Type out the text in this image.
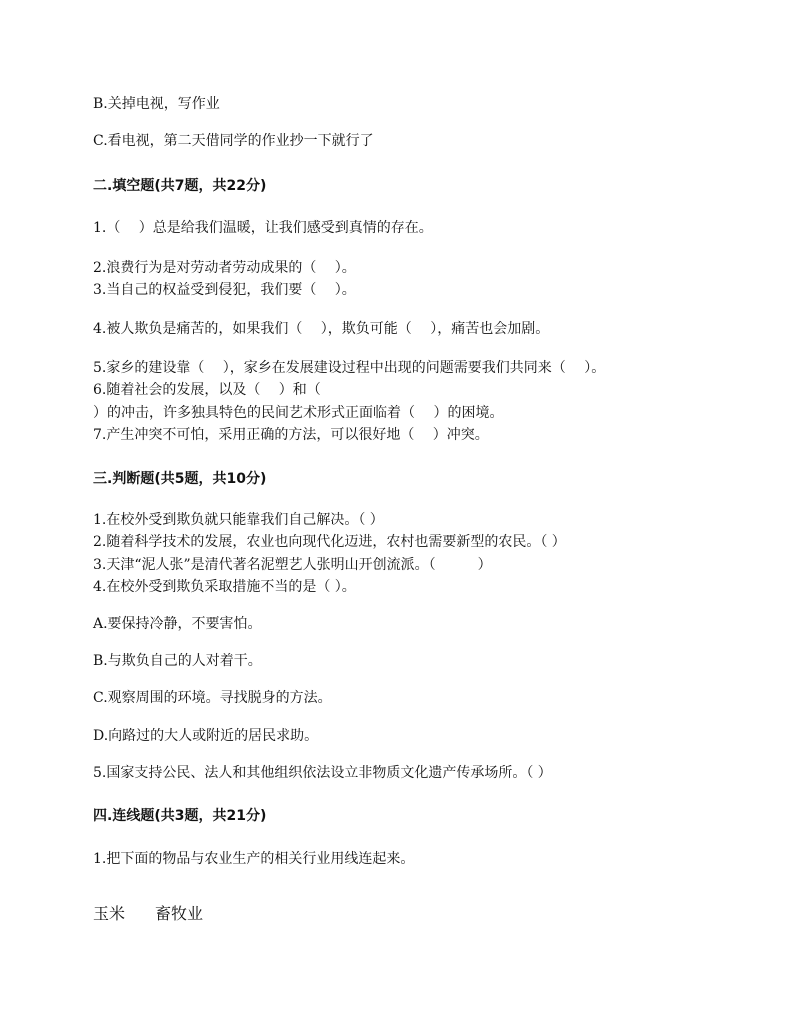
B.关掉电视，写作业
C.看电视，第二天借同学的作业抄一下就行了
二.填空题(共7题，共22分)
1.（　 ）总是给我们温暖，让我们感受到真情的存在。
2.浪费行为是对劳动者劳动成果的（　 ）。
3.当自己的权益受到侵犯，我们要（　 ）。
4.被人欺负是痛苦的，如果我们（　 ），欺负可能（　 ），痛苦也会加剧。
5.家乡的建设靠（　 ），家乡在发展建设过程中出现的问题需要我们共同来（　 ）。
6.随着社会的发展，以及（　 ）和（
）的冲击，许多独具特色的民间艺术形式正面临着（　 ）的困境。
7.产生冲突不可怕，采用正确的方法，可以很好地（　 ）冲突。
三.判断题(共5题，共10分)
1.在校外受到欺负就只能靠我们自己解决。（ ）
2.随着科学技术的发展，农业也向现代化迈进，农村也需要新型的农民。（ ）
3.天津“泥人张”是清代著名泥塑艺人张明山开创流派。（　　　）
4.在校外受到欺负采取措施不当的是（ ）。
A.要保持冷静，不要害怕。
B.与欺负自己的人对着干。
C.观察周围的环境。寻找脱身的方法。
D.向路过的大人或附近的居民求助。
5.国家支持公民、法人和其他组织依法设立非物质文化遗产传承场所。（ ）
四.连线题(共3题，共21分)
1.把下面的物品与农业生产的相关行业用线连起来。
玉米 畜牧业
